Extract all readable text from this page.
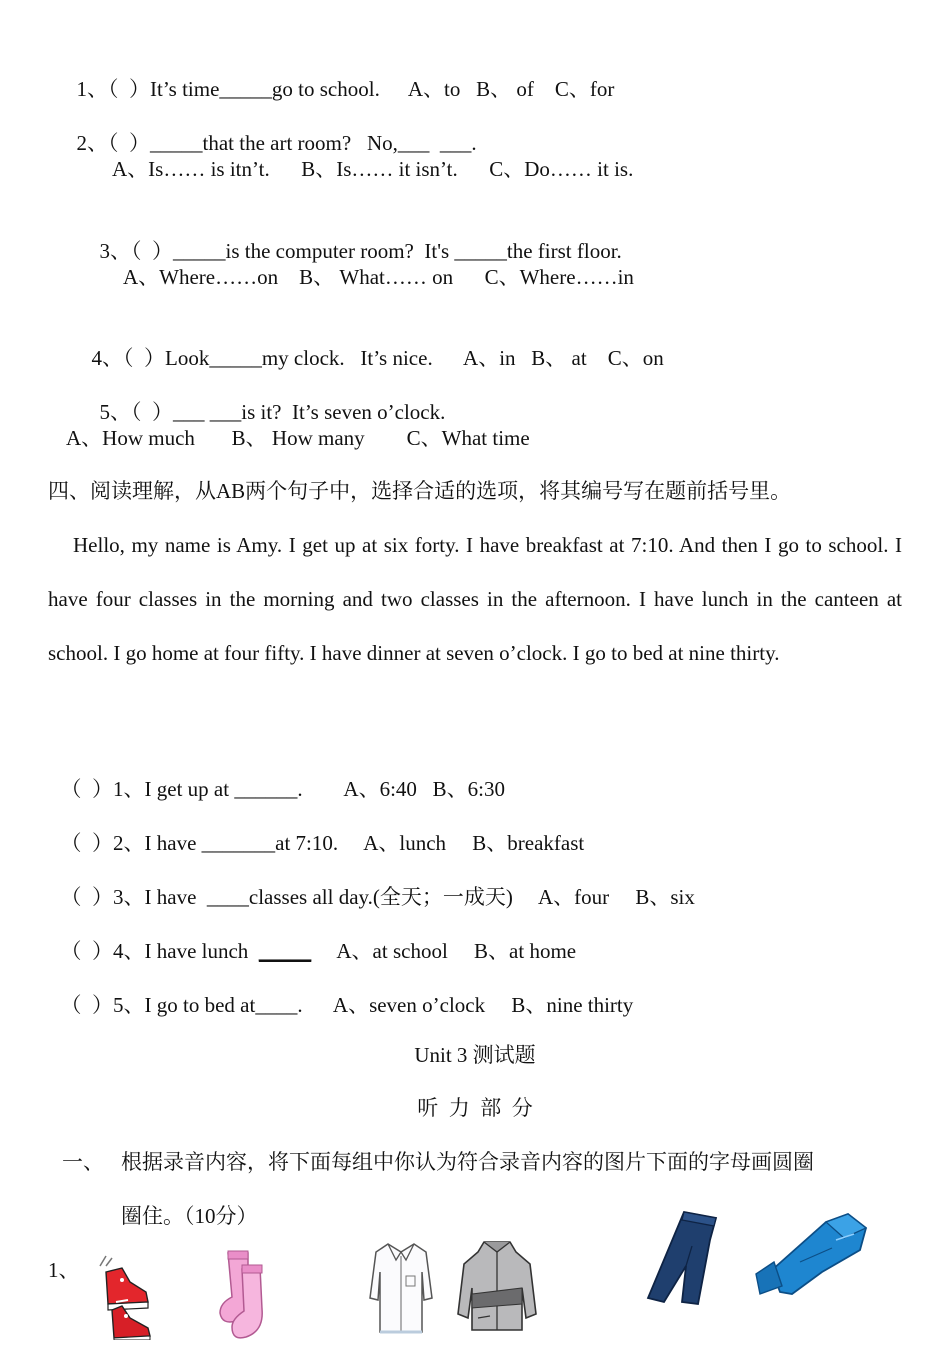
1、（  ）It’s time_____go to school. A、to   B、 of    C、for

2、（  ）_____that the art room?   No,___ ___.

A、Is…… is itn’t.      B、Is…… it isn’t.      C、Do…… it is.

3、（  ）_____is the computer room?  It's _____the first floor.

A、Where……on    B、 What…… on      C、Where……in

4、（  ）Look_____my clock.   It’s nice.      A、in   B、 at    C、on

5、（  ）___ ___is it?  It’s seven o’clock.

A、How much       B、 How many        C、What time
四、阅读理解，从AB两个句子中，选择合适的选项，将其编号写在题前括号里。
Hello, my name is Amy. I get up at six forty. I have breakfast at 7:10. And then I go to school. I have four classes in the morning and two classes in the afternoon. I have lunch in the canteen at school. I go home at four fifty. I have dinner at seven o’clock. I go to bed at nine thirty.

（  ）1、I get up at ______.        A、6:40   B、6:30

（  ）2、I have _______at 7:10.     A、lunch     B、breakfast

（  ）3、I have  ____classes all day.(全天；一成天)     A、four     B、six

（  ）4、I have lunch  _____     A、at school     B、at home

（  ）5、I go to bed at____.      A、seven o’clock     B、nine thirty

Unit 3 测试题
听  力  部  分
一、 根据录音内容，将下面每组中你认为符合录音内容的图片下面的字母画圆圈
圈住。（10分）
1、
